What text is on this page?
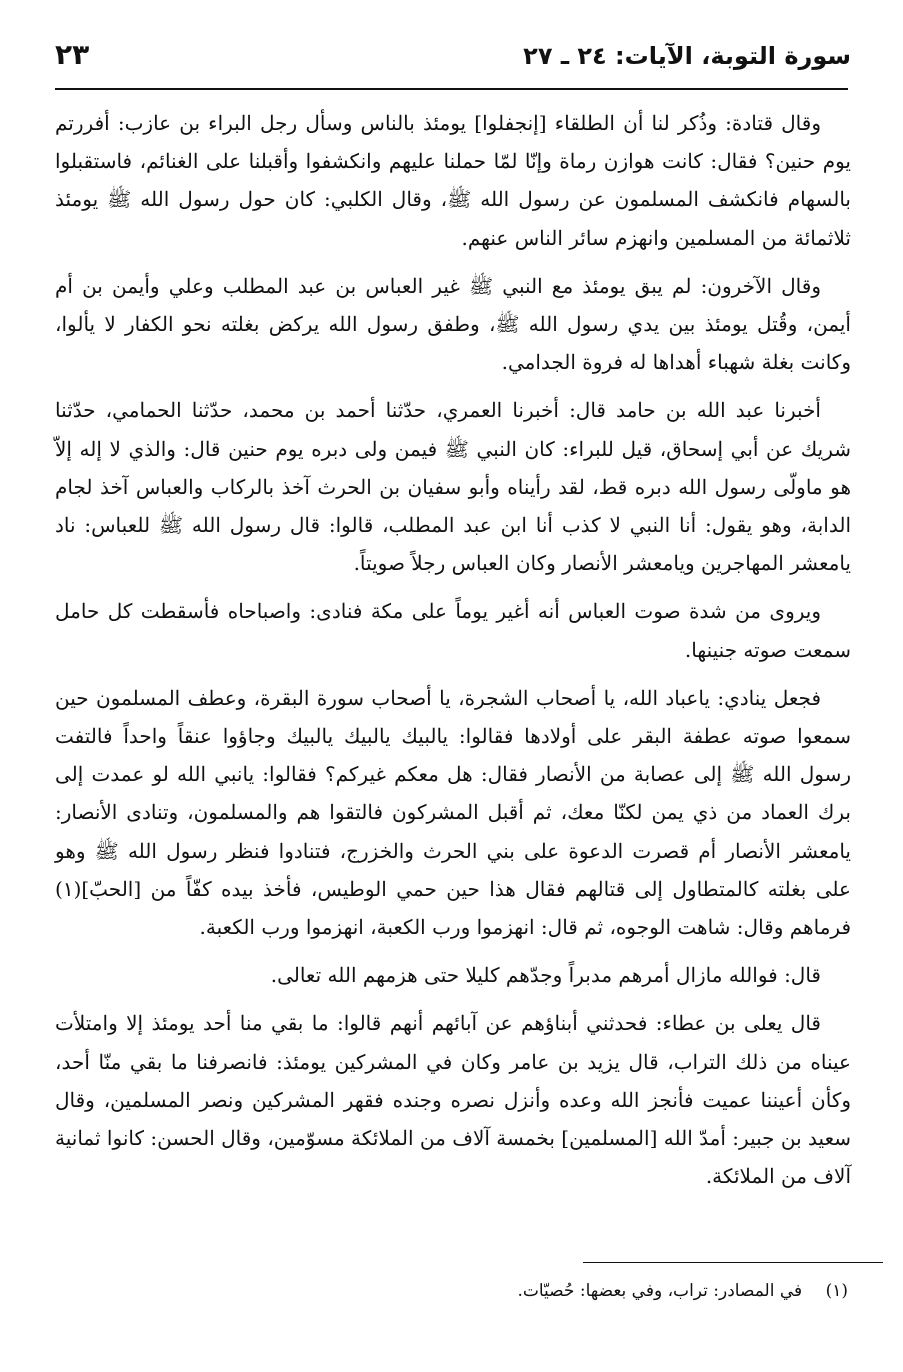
سورة التوبة، الآيات: ٢٤ ـ ٢٧
٢٣

وقال قتادة: وذُكر لنا أن الطلقاء [إنجفلوا] يومئذ بالناس وسأل رجل البراء بن عازب: أفررتم يوم حنين؟ فقال: كانت هوازن رماة وإنّا لمّا حملنا عليهم وانكشفوا وأقبلنا على الغنائم، فاستقبلوا بالسهام فانكشف المسلمون عن رسول الله ﷺ، وقال الكلبي: كان حول رسول الله ﷺ يومئذ ثلاثمائة من المسلمين وانهزم سائر الناس عنهم.

وقال الآخرون: لم يبق يومئذ مع النبي ﷺ غير العباس بن عبد المطلب وعلي وأيمن بن أم أيمن، وقُتل يومئذ بين يدي رسول الله ﷺ، وطفق رسول الله يركض بغلته نحو الكفار لا يألوا، وكانت بغلة شهباء أهداها له فروة الجدامي.

أخبرنا عبد الله بن حامد قال: أخبرنا العمري، حدّثنا أحمد بن محمد، حدّثنا الحمامي، حدّثنا شريك عن أبي إسحاق، قيل للبراء: كان النبي ﷺ فيمن ولى دبره يوم حنين قال: والذي لا إله إلاّ هو ماولّى رسول الله دبره قط، لقد رأيناه وأبو سفيان بن الحرث آخذ بالركاب والعباس آخذ لجام الدابة، وهو يقول: أنا النبي لا كذب أنا ابن عبد المطلب، قالوا: قال رسول الله ﷺ للعباس: ناد يامعشر المهاجرين ويامعشر الأنصار وكان العباس رجلاً صويتاً.

ويروى من شدة صوت العباس أنه أغير يوماً على مكة فنادى: واصباحاه فأسقطت كل حامل سمعت صوته جنينها.

فجعل ينادي: ياعباد الله، يا أصحاب الشجرة، يا أصحاب سورة البقرة، وعطف المسلمون حين سمعوا صوته عطفة البقر على أولادها فقالوا: يالبيك يالبيك يالبيك وجاؤوا عنقاً واحداً فالتفت رسول الله ﷺ إلى عصابة من الأنصار فقال: هل معكم غيركم؟ فقالوا: يانبي الله لو عمدت إلى برك العماد من ذي يمن لكنّا معك، ثم أقبل المشركون فالتقوا هم والمسلمون، وتنادى الأنصار: يامعشر الأنصار أم قصرت الدعوة على بني الحرث والخزرج، فتنادوا فنظر رسول الله ﷺ وهو على بغلته كالمتطاول إلى قتالهم فقال هذا حين حمي الوطيس، فأخذ بيده كفّاً من [الحبّ](١) فرماهم وقال: شاهت الوجوه، ثم قال: انهزموا ورب الكعبة، انهزموا ورب الكعبة.

قال: فوالله مازال أمرهم مدبراً وجدّهم كليلا حتى هزمهم الله تعالى.

قال يعلى بن عطاء: فحدثني أبناؤهم عن آبائهم أنهم قالوا: ما بقي منا أحد يومئذ إلا وامتلأت عيناه من ذلك التراب، قال يزيد بن عامر وكان في المشركين يومئذ: فانصرفنا ما بقي منّا أحد، وكأن أعيننا عميت فأنجز الله وعده وأنزل نصره وجنده فقهر المشركين ونصر المسلمين، وقال سعيد بن جبير: أمدّ الله [المسلمين] بخمسة آلاف من الملائكة مسوّمين، وقال الحسن: كانوا ثمانية آلاف من الملائكة.

(١) في المصادر: تراب، وفي بعضها: حُصيّات.
